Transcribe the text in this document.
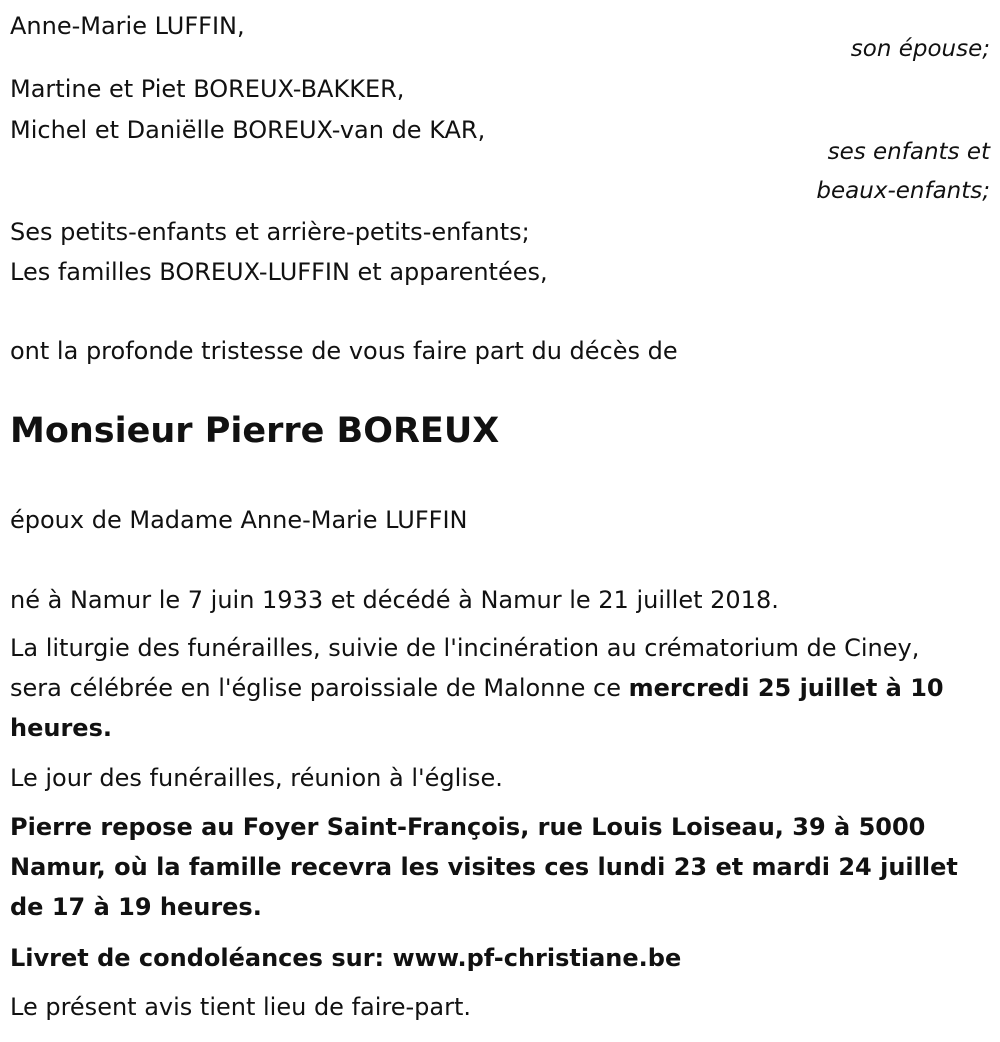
Anne-Marie LUFFIN,
son épouse;
Martine et Piet BOREUX-BAKKER,
Michel et Daniëlle BOREUX-van de KAR,
ses enfants et
beaux-enfants;
Ses petits-enfants et arrière-petits-enfants;
Les familles BOREUX-LUFFIN et apparentées,
ont la profonde tristesse de vous faire part du décès de
Monsieur Pierre BOREUX
époux de Madame Anne-Marie LUFFIN
né à Namur le 7 juin 1933 et décédé à Namur le 21 juillet 2018.
La liturgie des funérailles, suivie de l'incinération au crématorium de Ciney, sera célébrée en l'église paroissiale de Malonne ce mercredi 25 juillet à 10 heures.
Le jour des funérailles, réunion à l'église.
Pierre repose au Foyer Saint-François, rue Louis Loiseau, 39 à 5000 Namur, où la famille recevra les visites ces lundi 23 et mardi 24 juillet de 17 à 19 heures.
Livret de condoléances sur: www.pf-christiane.be
Le présent avis tient lieu de faire-part.
